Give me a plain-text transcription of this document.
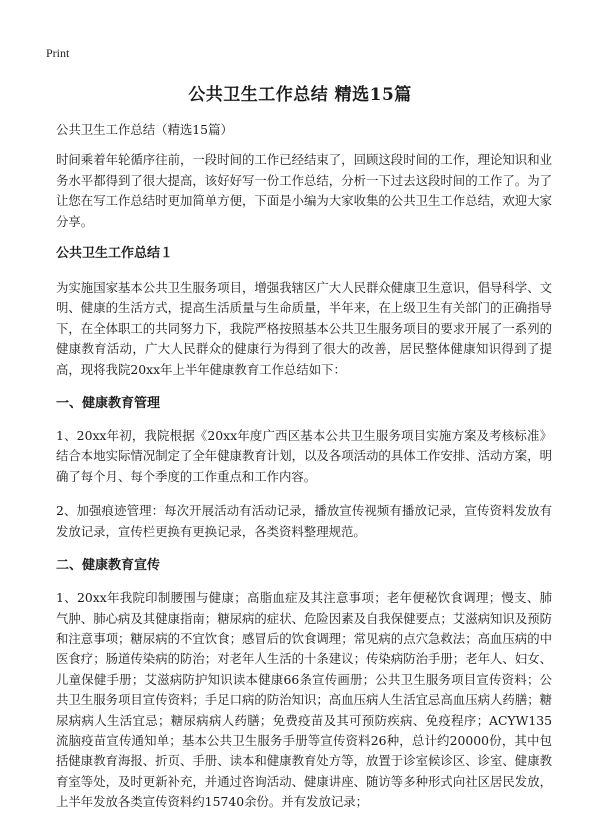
Print
公共卫生工作总结 精选15篇

公共卫生工作总结（精选15篇）

时间乘着年轮循序往前，一段时间的工作已经结束了，回顾这段时间的工作，理论知识和业务水平都得到了很大提高，该好好写一份工作总结，分析一下过去这段时间的工作了。为了让您在写工作总结时更加简单方便，下面是小编为大家收集的公共卫生工作总结，欢迎大家分享。

公共卫生工作总结１

为实施国家基本公共卫生服务项目，增强我辖区广大人民群众健康卫生意识，倡导科学、文明、健康的生活方式，提高生活质量与生命质量，半年来，在上级卫生有关部门的正确指导下，在全体职工的共同努力下，我院严格按照基本公共卫生服务项目的要求开展了一系列的健康教育活动，广大人民群众的健康行为得到了很大的改善，居民整体健康知识得到了提高，现将我院20xx年上半年健康教育工作总结如下：

一、健康教育管理

1、20xx年初，我院根据《20xx年度广西区基本公共卫生服务项目实施方案及考核标准》结合本地实际情况制定了全年健康教育计划，以及各项活动的具体工作安排、活动方案，明确了每个月、每个季度的工作重点和工作内容。

2、加强痕迹管理：每次开展活动有活动记录，播放宣传视频有播放记录，宣传资料发放有发放记录，宣传栏更换有更换记录，各类资料整理规范。

二、健康教育宣传

1、20xx年我院印制腰围与健康；高脂血症及其注意事项；老年便秘饮食调理；慢支、肺气肿、肺心病及其健康指南；糖尿病的症状、危险因素及自我保健要点；艾滋病知识及预防和注意事项；糖尿病的不宜饮食；感冒后的饮食调理；常见病的点穴急救法；高血压病的中医食疗；肠道传染病的防治；对老年人生活的十条建议；传染病防治手册；老年人、妇女、儿童保健手册；艾滋病防护知识读本健康66条宣传画册；公共卫生服务项目宣传资料；公共卫生服务项目宣传资料；手足口病的防治知识；高血压病人生活宜忌高血压病人药膳；糖尿病病人生活宜忌；糖尿病病人药膳；免费疫苗及其可预防疾病、免疫程序；ACYW135流脑疫苗宣传通知单；基本公共卫生服务手册等宣传资料26种，总计约20000份，其中包括健康教育海报、折页、手册、读本和健康教育处方等，放置于诊室候诊区、诊室、健康教育室等处，及时更新补充，并通过咨询活动、健康讲座、随访等多种形式向社区居民发放，上半年发放各类宣传资料约15740余份。并有发放记录；
